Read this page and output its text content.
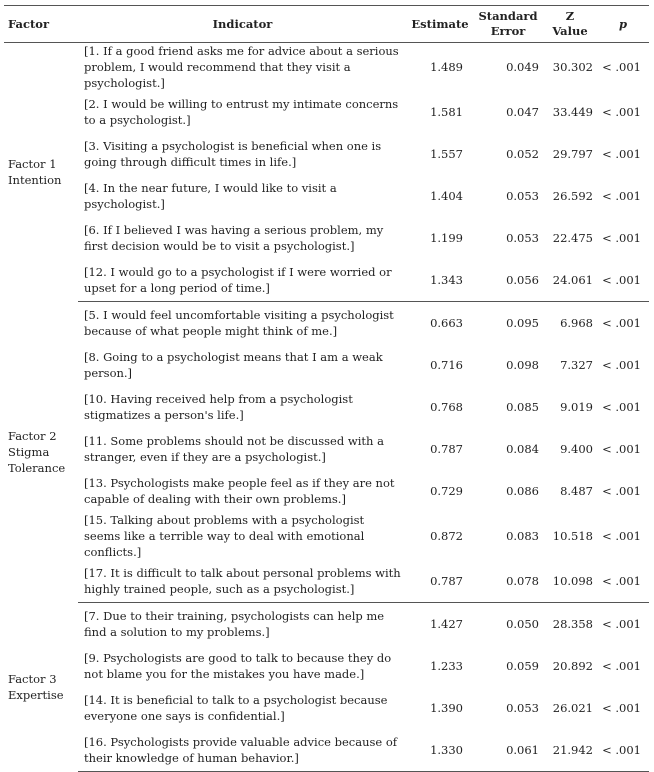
Factor	Indicator	Estimate	Standard Error	Z Value	p

Factor 1
Intention	[1. If a good friend asks me for advice about a serious problem, I would recommend that they visit a psychologist.]	1.489	0.049	30.302	< .001
	[2. I would be willing to entrust my intimate concerns to a psychologist.]	1.581	0.047	33.449	< .001
	[3. Visiting a psychologist is beneficial when one is going through difficult times in life.]	1.557	0.052	29.797	< .001
	[4. In the near future, I would like to visit a psychologist.]	1.404	0.053	26.592	< .001
	[6. If I believed I was having a serious problem, my first decision would be to visit a psychologist.]	1.199	0.053	22.475	< .001
	[12. I would go to a psychologist if I were worried or upset for a long period of time.]	1.343	0.056	24.061	< .001

Factor 2
Stigma
Tolerance	[5. I would feel uncomfortable visiting a psychologist because of what people might think of me.]	0.663	0.095	6.968	< .001
	[8. Going to a psychologist means that I am a weak person.]	0.716	0.098	7.327	< .001
	[10. Having received help from a psychologist stigmatizes a person's life.]	0.768	0.085	9.019	< .001
	[11. Some problems should not be discussed with a stranger, even if they are a psychologist.]	0.787	0.084	9.400	< .001
	[13. Psychologists make people feel as if they are not capable of dealing with their own problems.]	0.729	0.086	8.487	< .001
	[15. Talking about problems with a psychologist seems like a terrible way to deal with emotional conflicts.]	0.872	0.083	10.518	< .001
	[17. It is difficult to talk about personal problems with highly trained people, such as a psychologist.]	0.787	0.078	10.098	< .001

Factor 3
Expertise	[7. Due to their training, psychologists can help me find a solution to my problems.]	1.427	0.050	28.358	< .001
	[9. Psychologists are good to talk to because they do not blame you for the mistakes you have made.]	1.233	0.059	20.892	< .001
	[14. It is beneficial to talk to a psychologist because everyone one says is confidential.]	1.390	0.053	26.021	< .001
	[16. Psychologists provide valuable advice because of their knowledge of human behavior.]	1.330	0.061	21.942	< .001
